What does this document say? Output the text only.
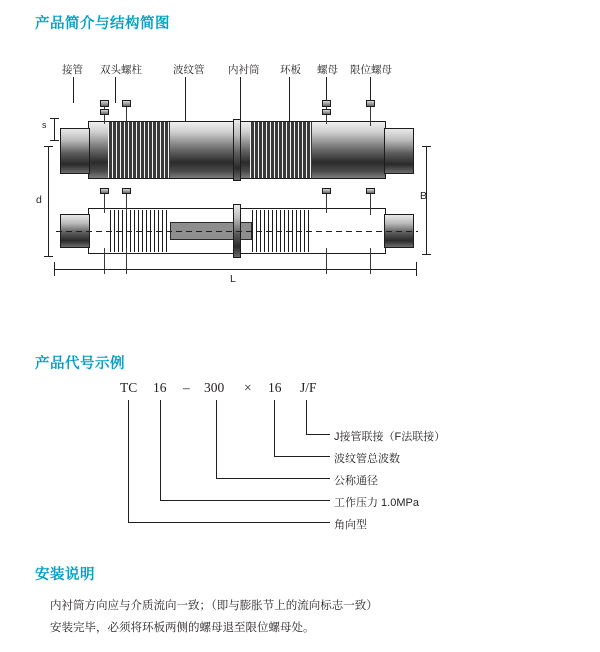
产品简介与结构简图
产品代号示例
安装说明
接管 双头螺柱	波纹管 内衬筒 环板 螺母 限位螺母
s
d	B
L
TC 16 – 300 × 16 J/F
J接管联接（F法联接）
波纹管总波数
公称通径
工作压力 1.0MPa
角向型

内衬筒方向应与介质流向一致；（即与膨胀节上的流向标志一致）

安装完毕，必须将环板两侧的螺母退至限位螺母处。
